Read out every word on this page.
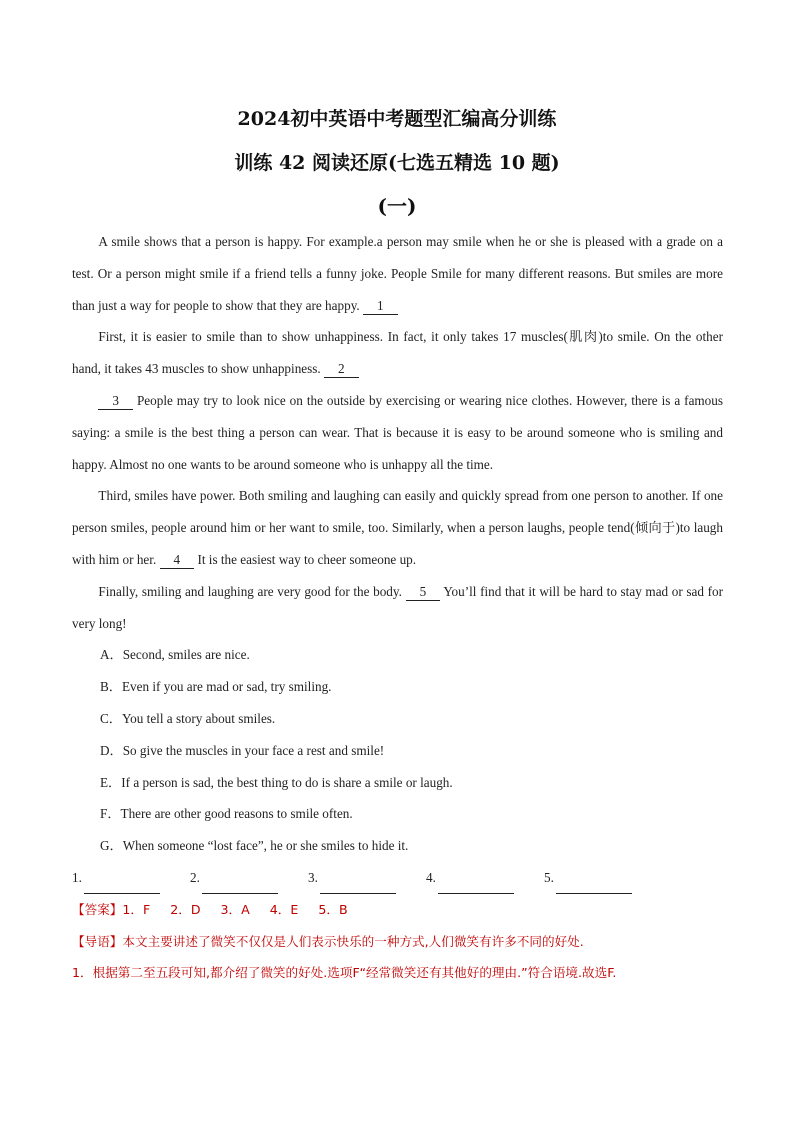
2024初中英语中考题型汇编高分训练
训练 42 阅读还原(七选五精选 10 题)
(一)

A smile shows that a person is happy. For example.a person may smile when he or she is pleased with a grade on a test. Or a person might smile if a friend tells a funny joke. People Smile for many different reasons. But smiles are more than just a way for people to show that they are happy. 1

First, it is easier to smile than to show unhappiness. In fact, it only takes 17 muscles(肌肉)to smile. On the other hand, it takes 43 muscles to show unhappiness. 2

3 People may try to look nice on the outside by exercising or wearing nice clothes. However, there is a famous saying: a smile is the best thing a person can wear. That is because it is easy to be around someone who is smiling and happy. Almost no one wants to be around someone who is unhappy all the time.

Third, smiles have power. Both smiling and laughing can easily and quickly spread from one person to another. If one person smiles, people around him or her want to smile, too. Similarly, when a person laughs, people tend(倾向于)to laugh with him or her. 4 It is the easiest way to cheer someone up.

Finally, smiling and laughing are very good for the body. 5 You’ll find that it will be hard to stay mad or sad for very long!

A．Second, smiles are nice.
B．Even if you are mad or sad, try smiling.
C．You tell a story about smiles.
D．So give the muscles in your face a rest and smile!
E．If a person is sad, the best thing to do is share a smile or laugh.
F．There are other good reasons to smile often.
G．When someone “lost face”, he or she smiles to hide it.
1.	2.	3.	4.	5.
【答案】1．F 2．D 3．A 4．E 5．B
【导语】本文主要讲述了微笑不仅仅是人们表示快乐的一种方式,人们微笑有许多不同的好处.
1．根据第二至五段可知,都介绍了微笑的好处.选项F“经常微笑还有其他好的理由.”符合语境.故选F.
